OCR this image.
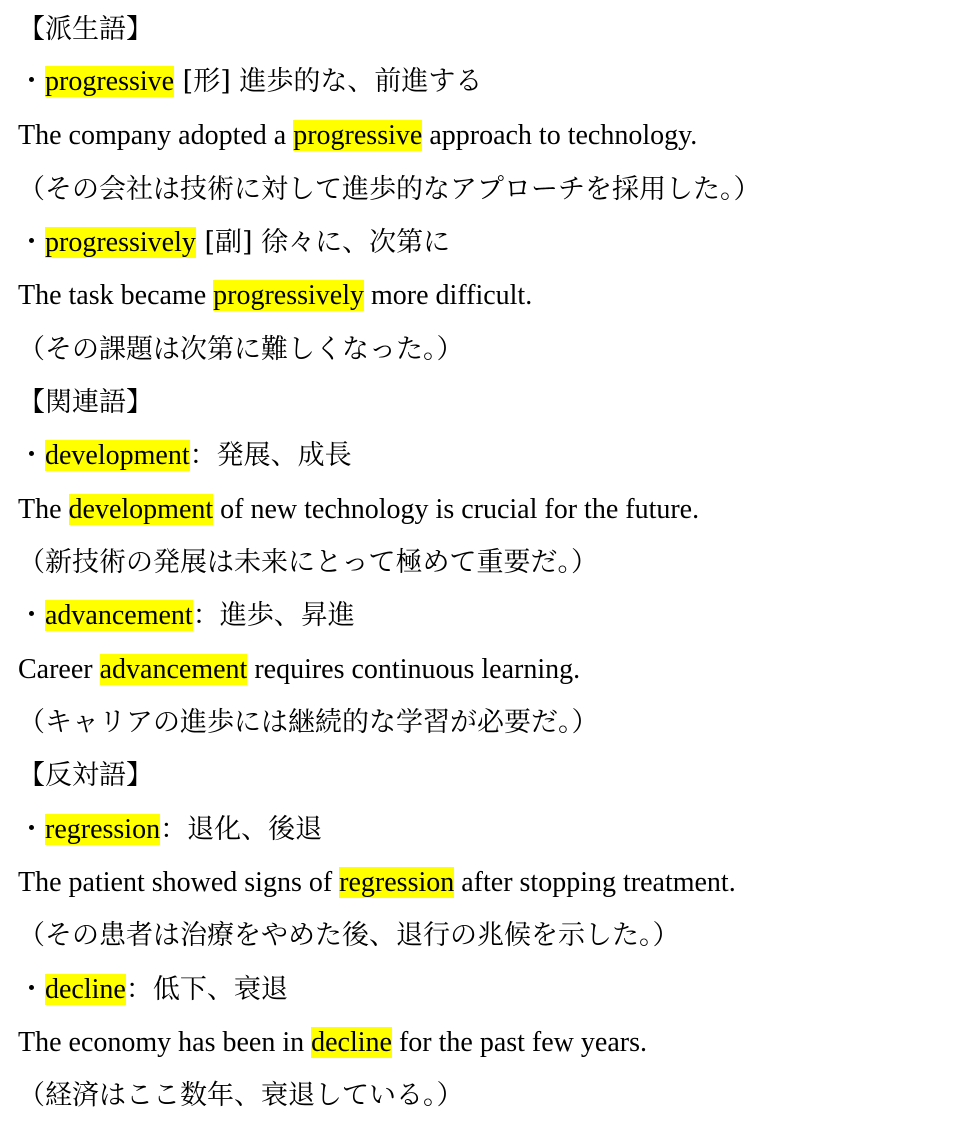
【派生語】
・progressive [形] 進歩的な、前進する
The company adopted a progressive approach to technology.
（その会社は技術に対して進歩的なアプローチを採用した。）
・progressively [副] 徐々に、次第に
The task became progressively more difficult.
（その課題は次第に難しくなった。）
【関連語】
・development：発展、成長
The development of new technology is crucial for the future.
（新技術の発展は未来にとって極めて重要だ。）
・advancement：進歩、昇進
Career advancement requires continuous learning.
（キャリアの進歩には継続的な学習が必要だ。）
【反対語】
・regression：退化、後退
The patient showed signs of regression after stopping treatment.
（その患者は治療をやめた後、退行の兆候を示した。）
・decline：低下、衰退
The economy has been in decline for the past few years.
（経済はここ数年、衰退している。）
